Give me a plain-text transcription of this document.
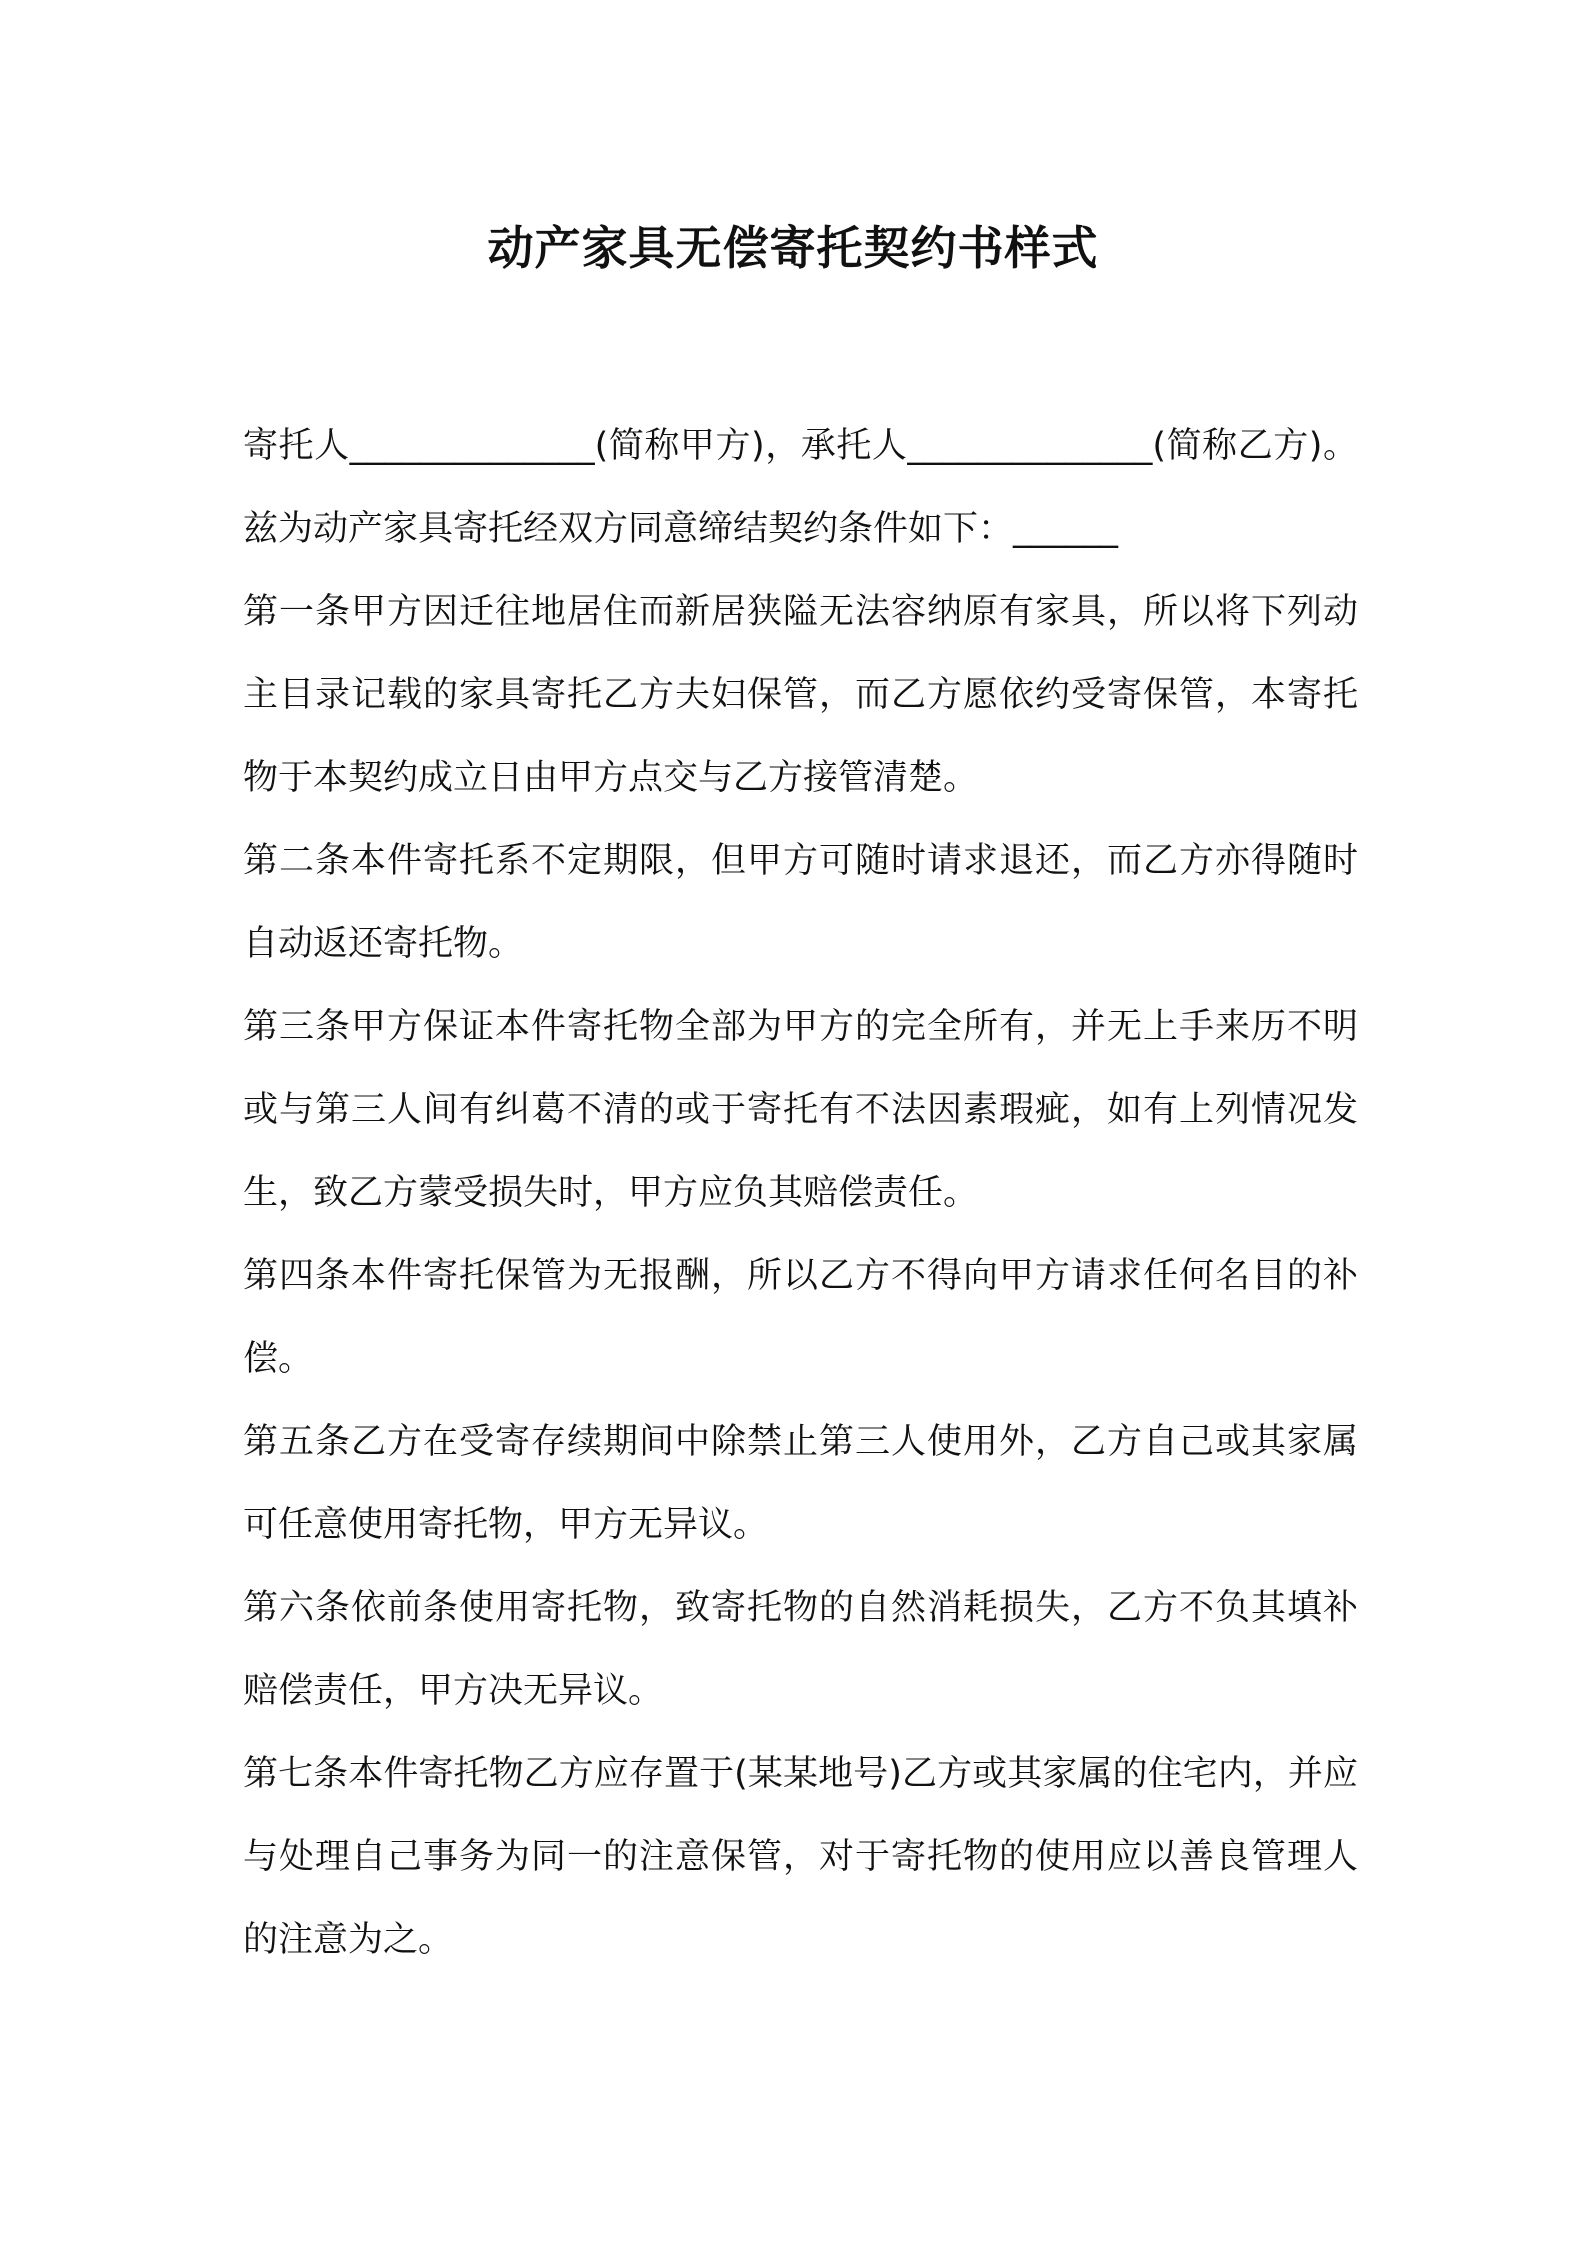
动产家具无偿寄托契约书样式

寄托人______________(简称甲方)，承托人______________(简称乙方)。兹为动产家具寄托经双方同意缔结契约条件如下：______

第一条甲方因迁往地居住而新居狭隘无法容纳原有家具，所以将下列动主目录记载的家具寄托乙方夫妇保管，而乙方愿依约受寄保管，本寄托物于本契约成立日由甲方点交与乙方接管清楚。

第二条本件寄托系不定期限，但甲方可随时请求退还，而乙方亦得随时自动返还寄托物。

第三条甲方保证本件寄托物全部为甲方的完全所有，并无上手来历不明或与第三人间有纠葛不清的或于寄托有不法因素瑕疵，如有上列情况发生，致乙方蒙受损失时，甲方应负其赔偿责任。

第四条本件寄托保管为无报酬，所以乙方不得向甲方请求任何名目的补偿。

第五条乙方在受寄存续期间中除禁止第三人使用外，乙方自己或其家属可任意使用寄托物，甲方无异议。

第六条依前条使用寄托物，致寄托物的自然消耗损失，乙方不负其填补赔偿责任，甲方决无异议。

第七条本件寄托物乙方应存置于(某某地号)乙方或其家属的住宅内，并应与处理自己事务为同一的注意保管，对于寄托物的使用应以善良管理人的注意为之。
